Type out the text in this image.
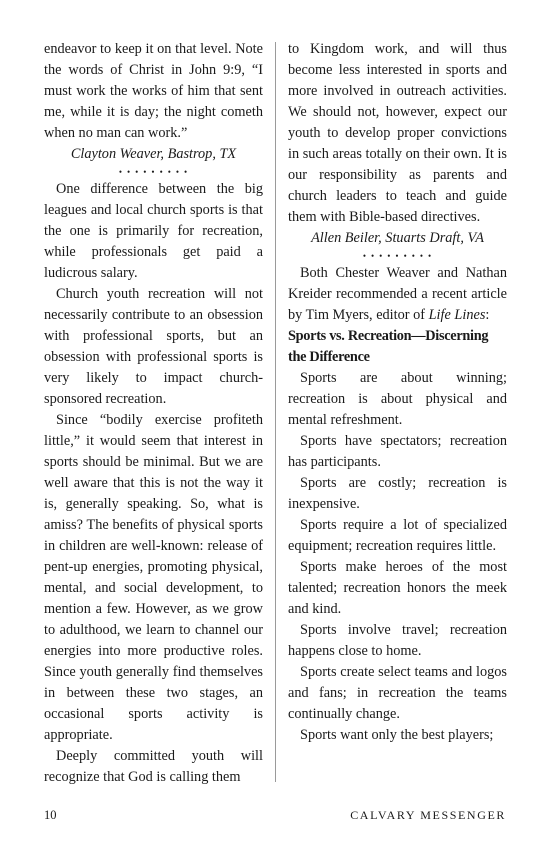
endeavor to keep it on that level. Note the words of Christ in John 9:9, “I must work the works of him that sent me, while it is day; the night cometh when no man can work.”

Clayton Weaver, Bastrop, TX

•••••••••

One difference between the big leagues and local church sports is that the one is primarily for recreation, while professionals get paid a ludicrous salary.

Church youth recreation will not necessarily contribute to an obsession with professional sports, but an obsession with professional sports is very likely to impact church-sponsored recreation.

Since “bodily exercise profiteth little,” it would seem that interest in sports should be minimal. But we are well aware that this is not the way it is, generally speaking. So, what is amiss? The benefits of physical sports in children are well-known: release of pent-up energies, promoting physical, mental, and social development, to mention a few. However, as we grow to adulthood, we learn to channel our energies into more productive roles. Since youth generally find themselves in between these two stages, an occasional sports activity is appropriate.

Deeply committed youth will recognize that God is calling them

to Kingdom work, and will thus become less interested in sports and more involved in outreach activities. We should not, however, expect our youth to develop proper convictions in such areas totally on their own. It is our responsibility as parents and church leaders to teach and guide them with Bible-based directives.

Allen Beiler, Stuarts Draft, VA

•••••••••

Both Chester Weaver and Nathan Kreider recommended a recent article by Tim Myers, editor of Life Lines:

Sports vs. Recreation—Discerning the Difference

Sports are about winning; recreation is about physical and mental refreshment.

Sports have spectators; recreation has participants.

Sports are costly; recreation is inexpensive.

Sports require a lot of specialized equipment; recreation requires little.

Sports make heroes of the most talented; recreation honors the meek and kind.

Sports involve travel; recreation happens close to home.

Sports create select teams and logos and fans; in recreation the teams continually change.

Sports want only the best players;

10	CALVARY MESSENGER
